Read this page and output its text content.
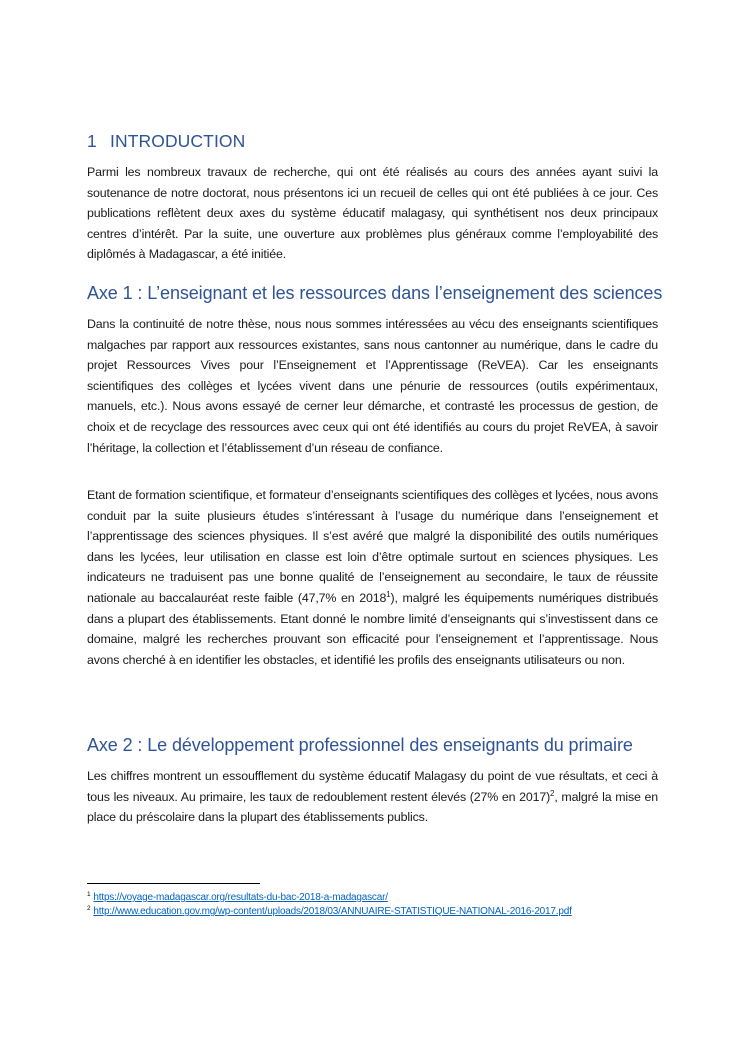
1 INTRODUCTION

Parmi les nombreux travaux de recherche, qui ont été réalisés au cours des années ayant suivi la soutenance de notre doctorat, nous présentons ici un recueil de celles qui ont été publiées à ce jour. Ces publications reflètent deux axes du système éducatif malagasy, qui synthétisent nos deux principaux centres d’intérêt. Par la suite, une ouverture aux problèmes plus généraux comme l’employabilité des diplômés à Madagascar, a été initiée.

Axe 1 : L’enseignant et les ressources dans l’enseignement des sciences

Dans la continuité de notre thèse, nous nous sommes intéressées au vécu des enseignants scientifiques malgaches par rapport aux ressources existantes, sans nous cantonner au numérique, dans le cadre du projet Ressources Vives pour l’Enseignement et l’Apprentissage (ReVEA). Car les enseignants scientifiques des collèges et lycées vivent dans une pénurie de ressources (outils expérimentaux, manuels, etc.). Nous avons essayé de cerner leur démarche, et contrasté les processus de gestion, de choix et de recyclage des ressources avec ceux qui ont été identifiés au cours du projet ReVEA, à savoir l’héritage, la collection et l’établissement d’un réseau de confiance.

Etant de formation scientifique, et formateur d’enseignants scientifiques des collèges et lycées, nous avons conduit par la suite plusieurs études s’intéressant à l’usage du numérique dans l’enseignement et l’apprentissage des sciences physiques. Il s’est avéré que malgré la disponibilité des outils numériques dans les lycées, leur utilisation en classe est loin d’être optimale surtout en sciences physiques. Les indicateurs ne traduisent pas une bonne qualité de l’enseignement au secondaire, le taux de réussite nationale au baccalauréat reste faible (47,7% en 2018$^1$), malgré les équipements numériques distribués dans a plupart des établissements. Etant donné le nombre limité d’enseignants qui s’investissent dans ce domaine, malgré les recherches prouvant son efficacité pour l’enseignement et l’apprentissage. Nous avons cherché à en identifier les obstacles, et identifié les profils des enseignants utilisateurs ou non.

Axe 2 : Le développement professionnel des enseignants du primaire

Les chiffres montrent un essoufflement du système éducatif Malagasy du point de vue résultats, et ceci à tous les niveaux. Au primaire, les taux de redoublement restent élevés (27% en 2017)$^2$, malgré la mise en place du préscolaire dans la plupart des établissements publics.

$^1$ https://voyage-madagascar.org/resultats-du-bac-2018-a-madagascar/
$^2$ http://www.education.gov.mg/wp-content/uploads/2018/03/ANNUAIRE-STATISTIQUE-NATIONAL-2016-2017.pdf
